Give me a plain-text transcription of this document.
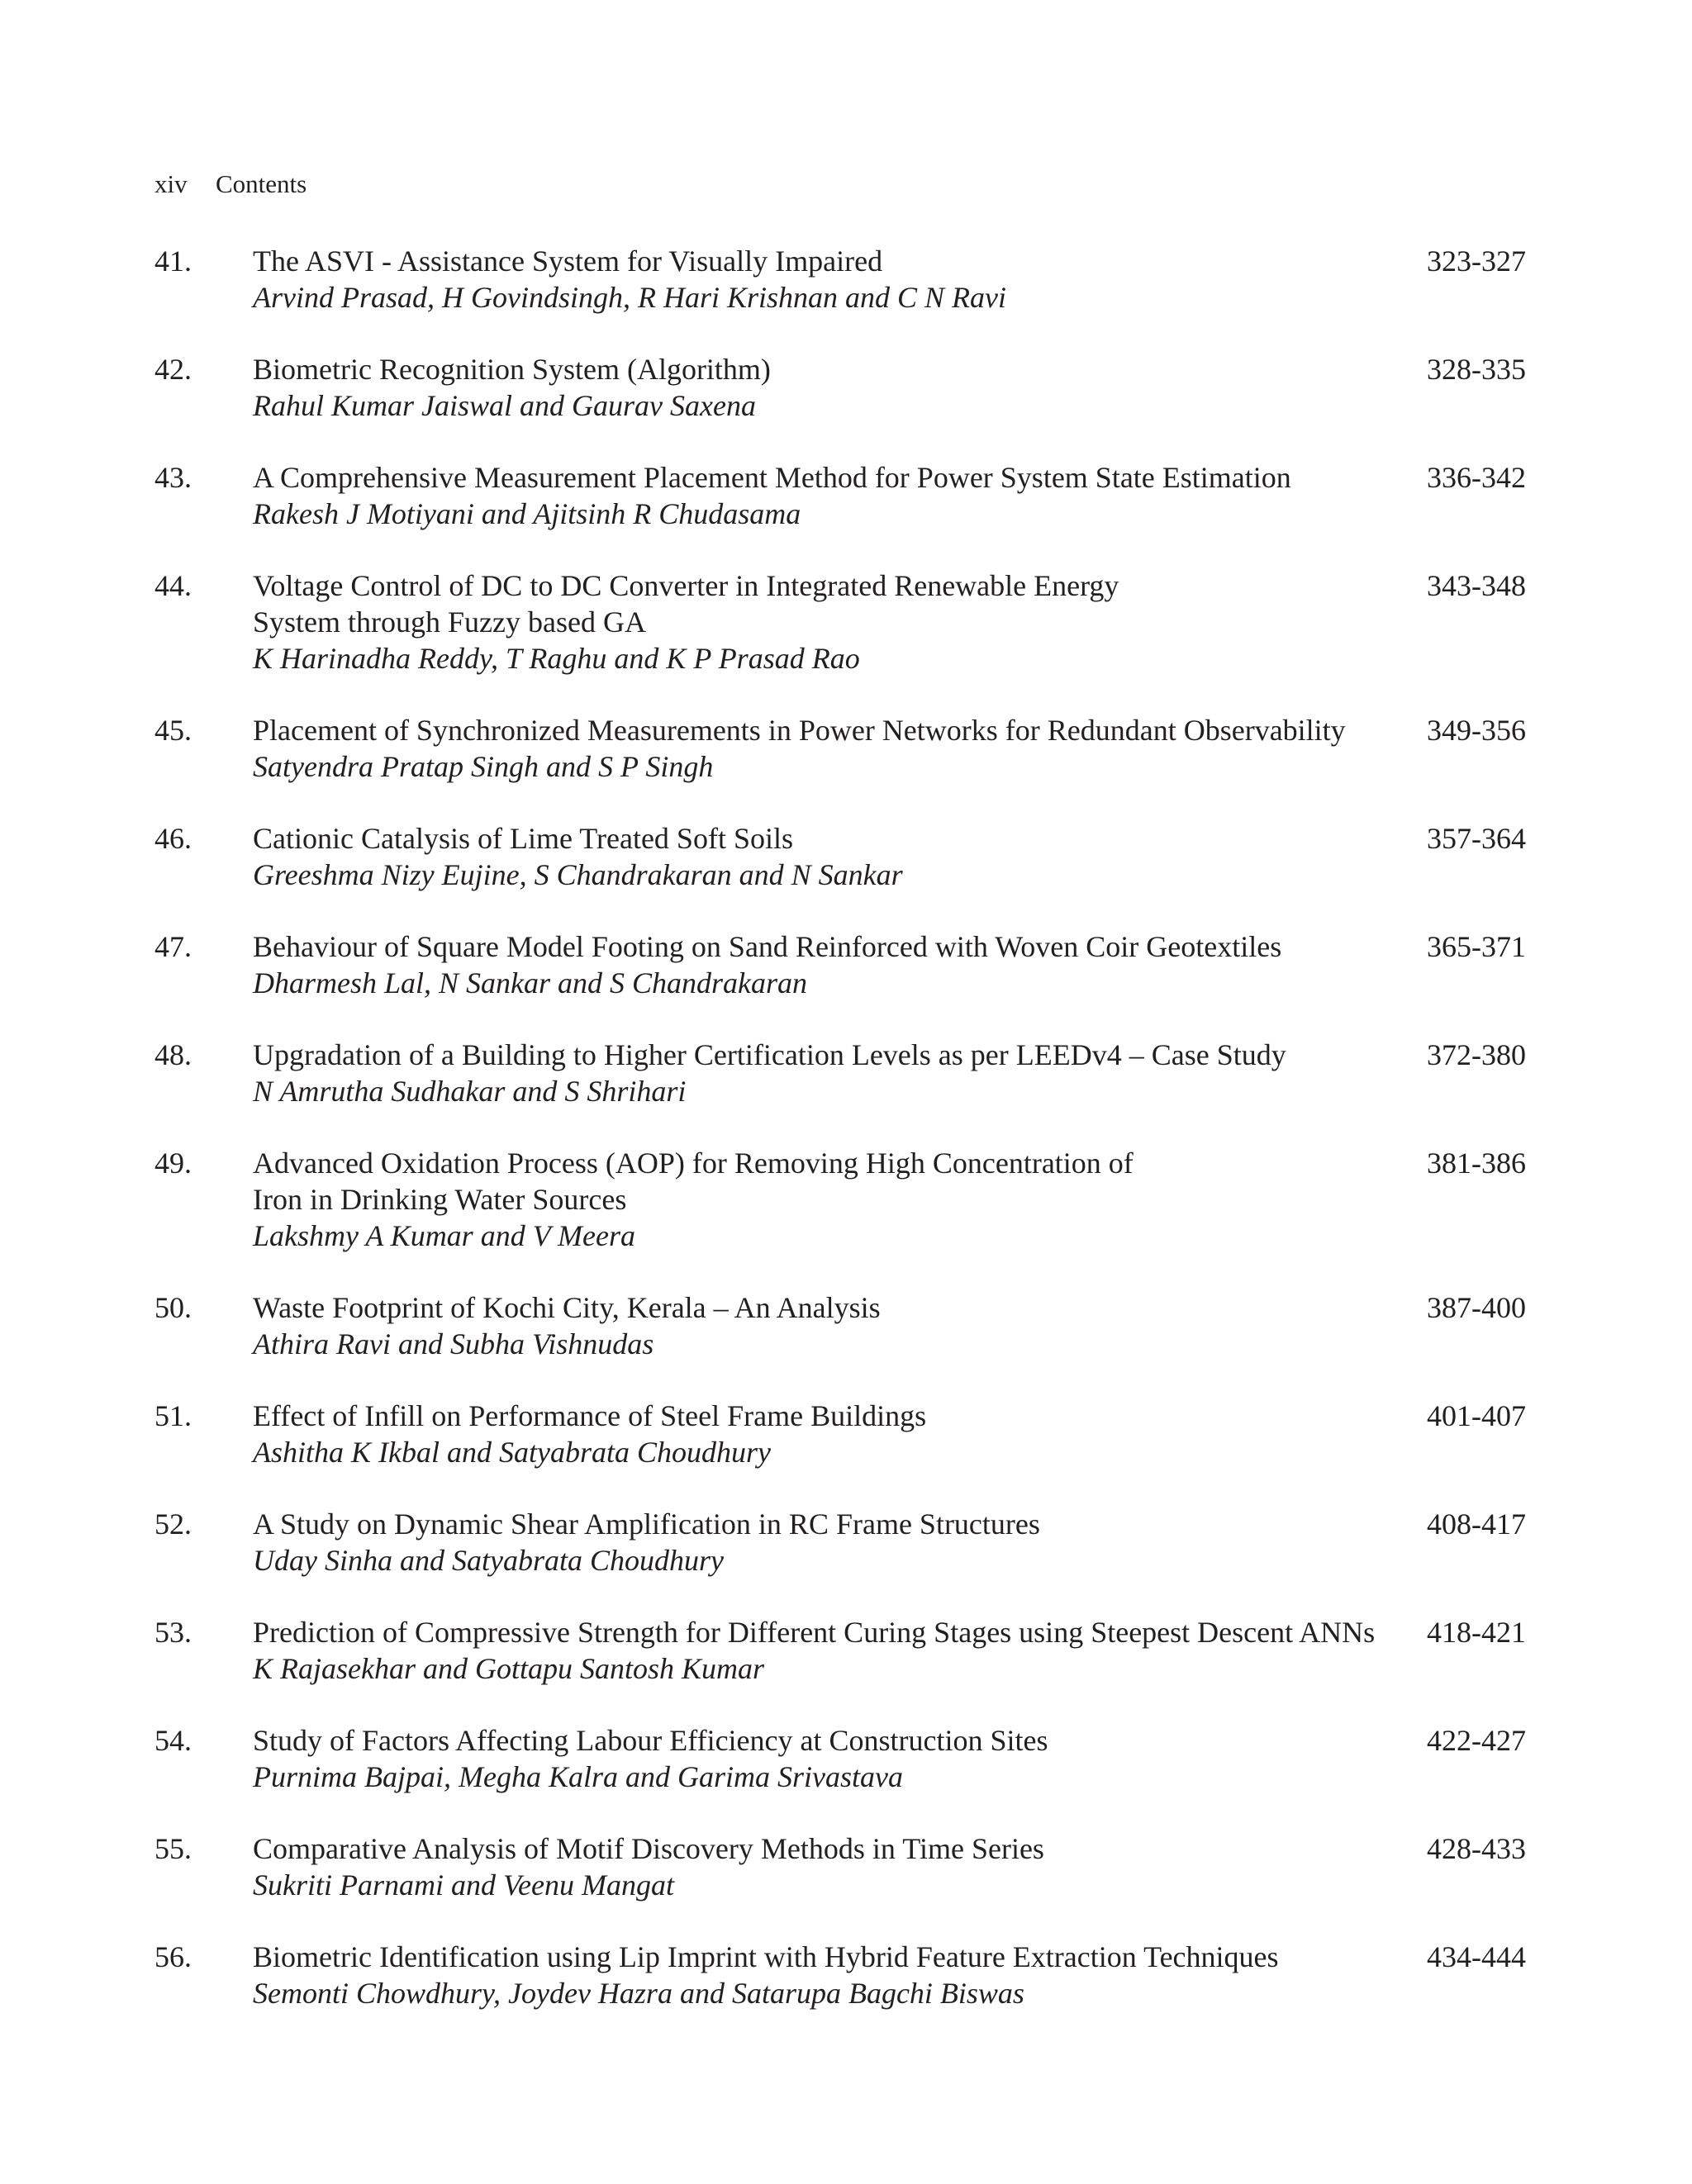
xiv Contents
41. The ASVI - Assistance System for Visually Impaired
Arvind Prasad, H Govindsingh, R Hari Krishnan and C N Ravi
323-327
42. Biometric Recognition System (Algorithm)
Rahul Kumar Jaiswal and Gaurav Saxena
328-335
43. A Comprehensive Measurement Placement Method for Power System State Estimation
Rakesh J Motiyani and Ajitsinh R Chudasama
336-342
44. Voltage Control of DC to DC Converter in Integrated Renewable Energy
System through Fuzzy based GA
K Harinadha Reddy, T Raghu and K P Prasad Rao
343-348
45. Placement of Synchronized Measurements in Power Networks for Redundant Observability
Satyendra Pratap Singh and S P Singh
349-356
46. Cationic Catalysis of Lime Treated Soft Soils
Greeshma Nizy Eujine, S Chandrakaran and N Sankar
357-364
47. Behaviour of Square Model Footing on Sand Reinforced with Woven Coir Geotextiles
Dharmesh Lal, N Sankar and S Chandrakaran
365-371
48. Upgradation of a Building to Higher Certification Levels as per LEEDv4 – Case Study
N Amrutha Sudhakar and S Shrihari
372-380
49. Advanced Oxidation Process (AOP) for Removing High Concentration of
Iron in Drinking Water Sources
Lakshmy A Kumar and V Meera
381-386
50. Waste Footprint of Kochi City, Kerala – An Analysis
Athira Ravi and Subha Vishnudas
387-400
51. Effect of Infill on Performance of Steel Frame Buildings
Ashitha K Ikbal and Satyabrata Choudhury
401-407
52. A Study on Dynamic Shear Amplification in RC Frame Structures
Uday Sinha and Satyabrata Choudhury
408-417
53. Prediction of Compressive Strength for Different Curing Stages using Steepest Descent ANNs
K Rajasekhar and Gottapu Santosh Kumar
418-421
54. Study of Factors Affecting Labour Efficiency at Construction Sites
Purnima Bajpai, Megha Kalra and Garima Srivastava
422-427
55. Comparative Analysis of Motif Discovery Methods in Time Series
Sukriti Parnami and Veenu Mangat
428-433
56. Biometric Identification using Lip Imprint with Hybrid Feature Extraction Techniques
Semonti Chowdhury, Joydev Hazra and Satarupa Bagchi Biswas
434-444
